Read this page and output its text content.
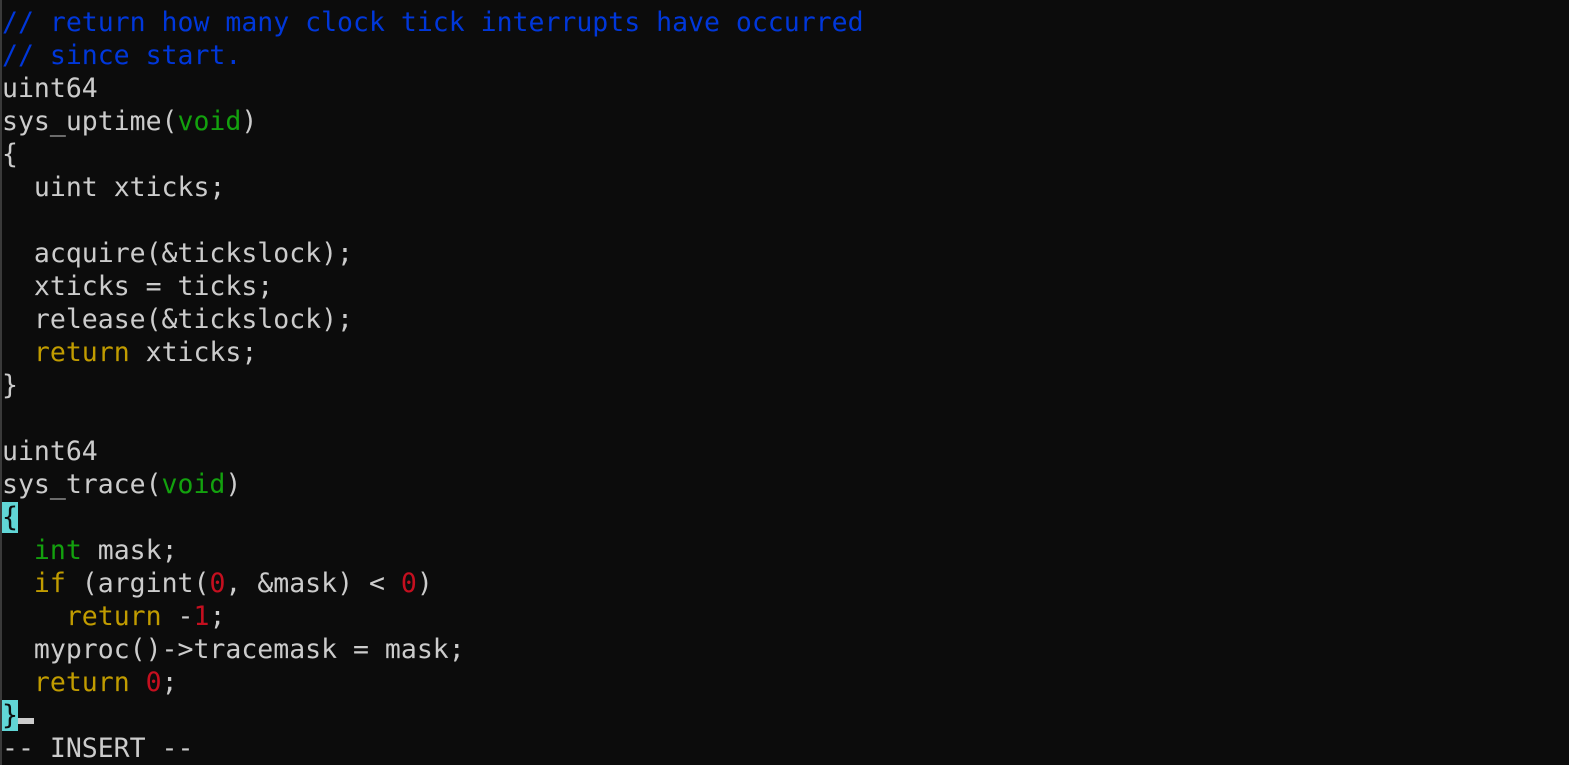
// return how many clock tick interrupts have occurred
// since start.
uint64
sys_uptime(void)
{
uint xticks;

acquire(&tickslock);
xticks = ticks;
release(&tickslock);
return xticks;
}

uint64
sys_trace(void)
{
int mask;
if (argint(0, &mask) < 0)
return -1;
myproc()->tracemask = mask;
return 0;
}
-- INSERT --
